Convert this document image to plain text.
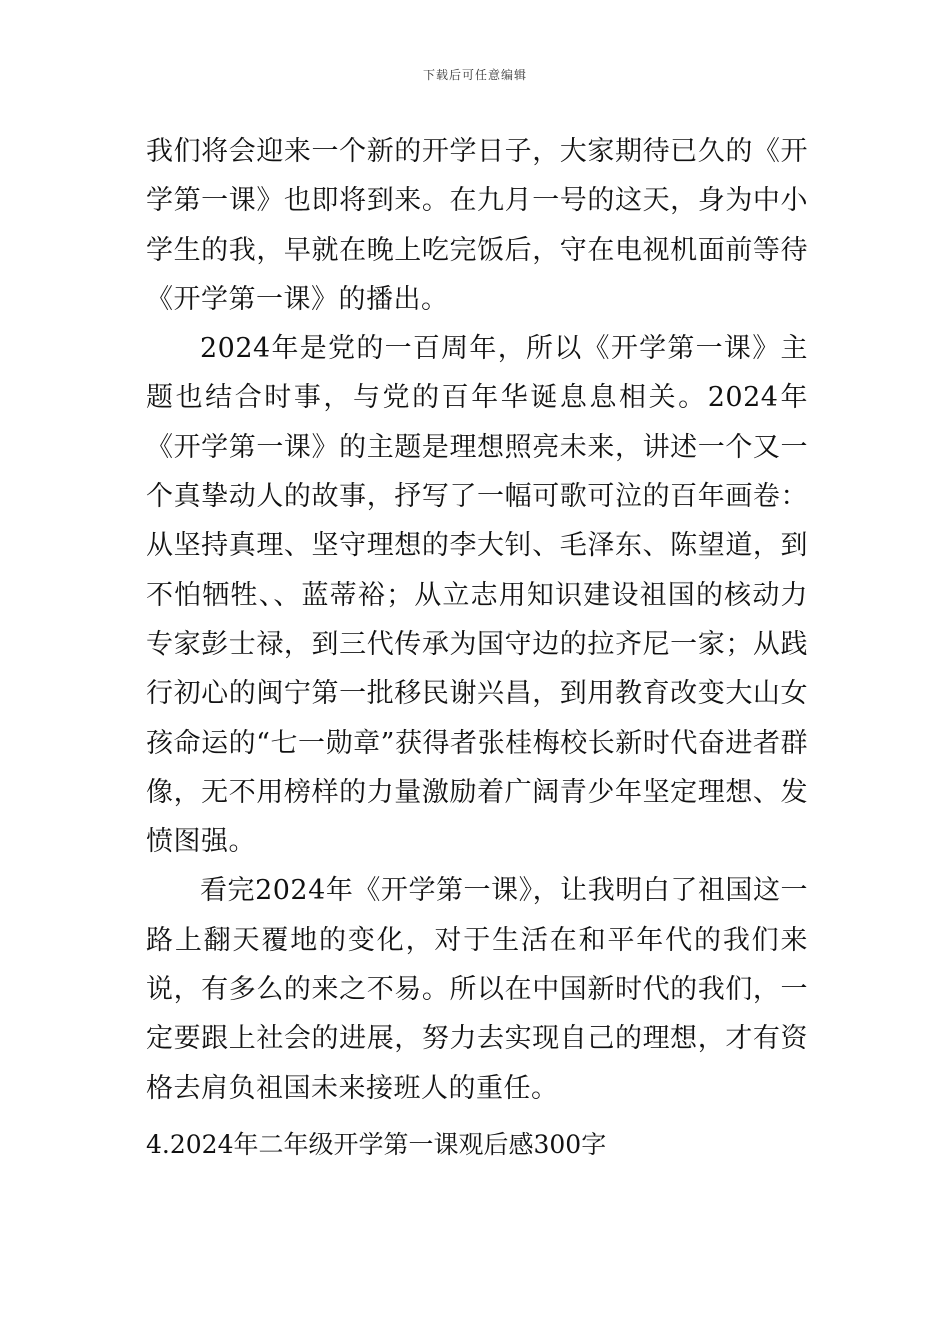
下载后可任意编辑

我们将会迎来一个新的开学日子，大家期待已久的《开学第一课》也即将到来。在九月一号的这天，身为中小学生的我，早就在晚上吃完饭后，守在电视机面前等待《开学第一课》的播出。

2024年是党的一百周年，所以《开学第一课》主题也结合时事，与党的百年华诞息息相关。2024年《开学第一课》的主题是理想照亮未来，讲述一个又一个真挚动人的故事，抒写了一幅可歌可泣的百年画卷：从坚持真理、坚守理想的李大钊、毛泽东、陈望道，到不怕牺牲、、蓝蒂裕；从立志用知识建设祖国的核动力专家彭士禄，到三代传承为国守边的拉齐尼一家；从践行初心的闽宁第一批移民谢兴昌，到用教育改变大山女孩命运的“七一勋章”获得者张桂梅校长新时代奋进者群像，无不用榜样的力量激励着广阔青少年坚定理想、发愤图强。

看完2024年《开学第一课》，让我明白了祖国这一路上翻天覆地的变化，对于生活在和平年代的我们来说，有多么的来之不易。所以在中国新时代的我们，一定要跟上社会的进展，努力去实现自己的理想，才有资格去肩负祖国未来接班人的重任。

4.2024年二年级开学第一课观后感300字
